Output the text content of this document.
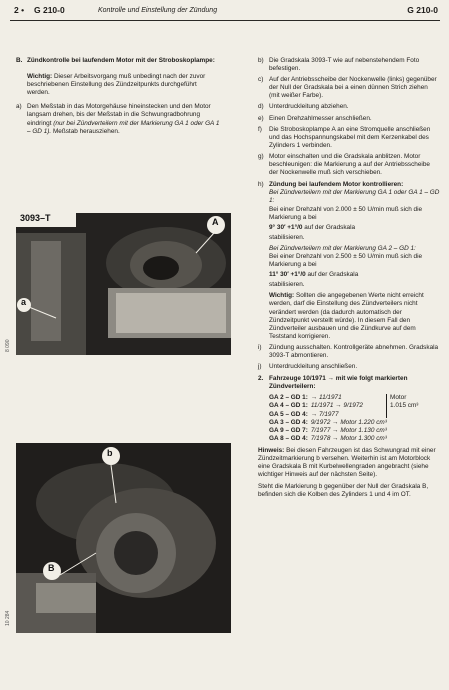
2 • G 210-0	Kontrolle und Einstellung der Zündung	G 210-0
B. Zündkontrolle bei laufendem Motor mit der Stroboskoplampe:

Wichtig: Dieser Arbeitsvorgang muß unbedingt nach der zuvor beschriebenen Einstellung des Zündzeitpunkts durchgeführt werden.

a) Den Meßstab in das Motorgehäuse hineinstecken und den Motor langsam drehen, bis der Meßstab in die Schwungradbohrung eindringt (nur bei Zündverteilern mit der Markierung GA 1 oder GA 1 – GD 1). Meßstab herausziehen.
3093–T	A
a
8 090
b
B
10 284
b) Die Gradskala 3093-T wie auf nebenstehendem Foto befestigen.
c) Auf der Antriebsscheibe der Nockenwelle (links) gegenüber der Null der Gradskala bei a einen dünnen Strich ziehen (mit weißer Farbe).
d) Unterdruckleitung abziehen.
e) Einen Drehzahlmesser anschließen.
f) Die Stroboskoplampe A an eine Stromquelle anschließen und das Hochspannungskabel mit dem Kerzenkabel des Zylinders 1 verbinden.
g) Motor einschalten und die Gradskala anblitzen. Motor beschleunigen: die Markierung a auf der Antriebsscheibe der Nockenwelle muß sich verschieben.
h) Zündung bei laufendem Motor kontrollieren:
Bei Zündverteilern mit der Markierung GA 1 oder GA 1 – GD 1:
Bei einer Drehzahl von 2.000 ± 50 U/min muß sich die Markierung a bei
9° 30′ +1°/0 auf der Gradskala
stabilisieren.
Bei Zündverteilern mit der Markierung GA 2 – GD 1:
Bei einer Drehzahl von 2.500 ± 50 U/min muß sich die Markierung a bei
11° 30′ +1°/0 auf der Gradskala
stabilisieren.
Wichtig: Sollten die angegebenen Werte nicht erreicht werden, darf die Einstellung des Zündverteilers nicht verändert werden (da dadurch automatisch der Zündzeitpunkt verstellt würde). In diesem Fall den Zündverteiler ausbauen und die Zündkurve auf dem Teststand korrigieren.
i) Zündung ausschalten. Kontrollgeräte abnehmen. Gradskala 3093-T abmontieren.
j) Unterdruckleitung anschließen.
2. Fahrzeuge 10/1971 → mit wie folgt markierten Zündverteilern:
GA 2 – GD 1:	→ 11/1971
GA 4 – GD 1:	11/1971 → 9/1972
GA 5 – GD 4:	→ 7/1977
GA 3 – GD 4:	9/1972 → Motor 1.220 cm³
GA 9 – GD 7:	7/1977 → Motor 1.130 cm³
GA 8 – GD 4:	7/1978 → Motor 1.300 cm³
Motor
1.015 cm³

Hinweis: Bei diesen Fahrzeugen ist das Schwungrad mit einer Zündzeitmarkierung b versehen. Weiterhin ist am Motorblock eine Gradskala B mit Kurbelwellengraden angebracht (siehe wichtiger Hinweis auf der nächsten Seite).

Steht die Markierung b gegenüber der Null der Gradskala B, befinden sich die Kolben des Zylinders 1 und 4 im OT.
